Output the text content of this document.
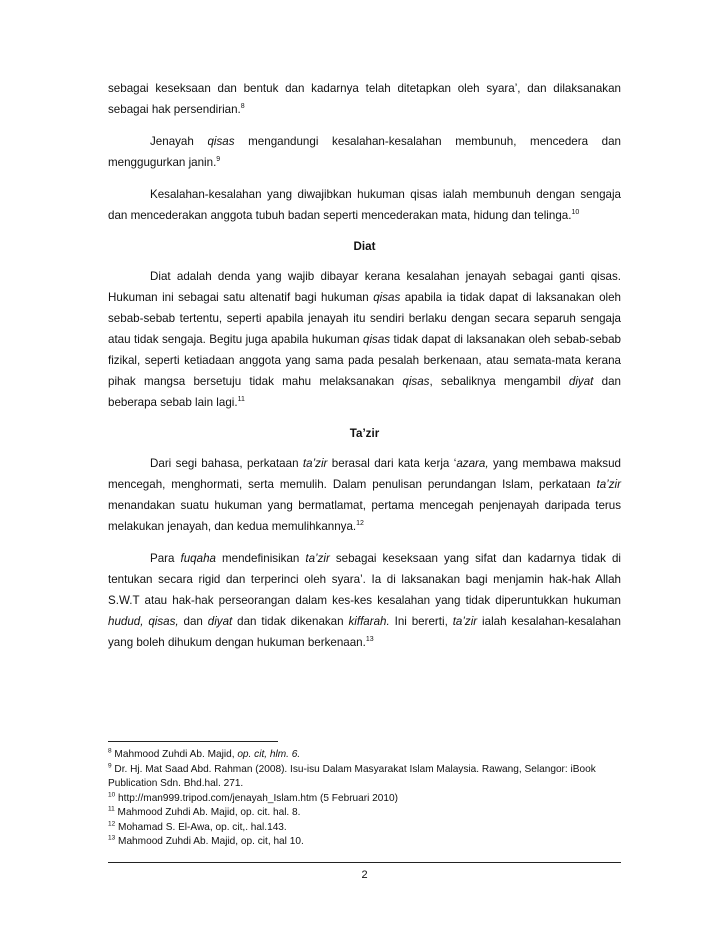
sebagai keseksaan dan bentuk dan kadarnya telah ditetapkan oleh syara’, dan dilaksanakan sebagai hak persendirian.$^8$

Jenayah qisas mengandungi kesalahan-kesalahan membunuh, mencedera dan menggugurkan janin.$^9$

Kesalahan-kesalahan yang diwajibkan hukuman qisas ialah membunuh dengan sengaja dan mencederakan anggota tubuh badan seperti mencederakan mata, hidung dan telinga.$^{10}$

Diat

Diat adalah denda yang wajib dibayar kerana kesalahan jenayah sebagai ganti qisas. Hukuman ini sebagai satu altenatif bagi hukuman qisas apabila ia tidak dapat di laksanakan oleh sebab-sebab tertentu, seperti apabila jenayah itu sendiri berlaku dengan secara separuh sengaja atau tidak sengaja. Begitu juga apabila hukuman qisas tidak dapat di laksanakan oleh sebab-sebab fizikal, seperti ketiadaan anggota yang sama pada pesalah berkenaan, atau semata-mata kerana pihak mangsa bersetuju tidak mahu melaksanakan qisas, sebaliknya mengambil diyat dan beberapa sebab lain lagi.$^{11}$

Ta’zir

Dari segi bahasa, perkataan ta’zir berasal dari kata kerja ‘azara, yang membawa maksud mencegah, menghormati, serta memulih. Dalam penulisan perundangan Islam, perkataan ta’zir menandakan suatu hukuman yang bermatlamat, pertama mencegah penjenayah daripada terus melakukan jenayah, dan kedua memulihkannya.$^{12}$

Para fuqaha mendefinisikan ta’zir sebagai keseksaan yang sifat dan kadarnya tidak di tentukan secara rigid dan terperinci oleh syara’. Ia di laksanakan bagi menjamin hak-hak Allah S.W.T atau hak-hak perseorangan dalam kes-kes kesalahan yang tidak diperuntukkan hukuman hudud, qisas, dan diyat dan tidak dikenakan kiffarah. Ini bererti, ta’zir ialah kesalahan-kesalahan yang boleh dihukum dengan hukuman berkenaan.$^{13}$

$^8$ Mahmood Zuhdi Ab. Majid, op. cit, hlm. 6.

$^9$ Dr. Hj. Mat Saad Abd. Rahman (2008). Isu-isu Dalam Masyarakat Islam Malaysia. Rawang, Selangor: iBook Publication Sdn. Bhd.hal. 271.

$^{10}$ http://man999.tripod.com/jenayah_Islam.htm (5 Februari 2010)

$^{11}$ Mahmood Zuhdi Ab. Majid, op. cit. hal. 8.

$^{12}$ Mohamad S. El-Awa, op. cit,. hal.143.

$^{13}$ Mahmood Zuhdi Ab. Majid, op. cit, hal 10.

2
